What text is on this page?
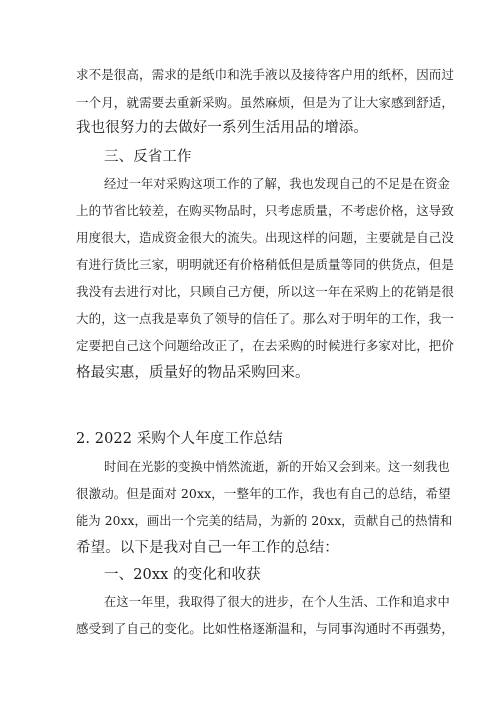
求不是很高，需求的是纸巾和洗手液以及接待客户用的纸杯，因而过
一个月，就需要去重新采购。虽然麻烦，但是为了让大家感到舒适，
我也很努力的去做好一系列生活用品的增添。
三、反省工作
经过一年对采购这项工作的了解，我也发现自己的不足是在资金
上的节省比较差，在购买物品时，只考虑质量，不考虑价格，这导致
用度很大，造成资金很大的流失。出现这样的问题，主要就是自己没
有进行货比三家，明明就还有价格稍低但是质量等同的供货点，但是
我没有去进行对比，只顾自己方便，所以这一年在采购上的花销是很
大的，这一点我是辜负了领导的信任了。那么对于明年的工作，我一
定要把自己这个问题给改正了，在去采购的时候进行多家对比，把价
格最实惠，质量好的物品采购回来。
2. 2022 采购个人年度工作总结
时间在光影的变换中悄然流逝，新的开始又会到来。这一刻我也
很激动。但是面对 20xx，一整年的工作，我也有自己的总结，希望
能为 20xx，画出一个完美的结局，为新的 20xx，贡献自己的热情和
希望。以下是我对自己一年工作的总结：
一、20xx 的变化和收获
在这一年里，我取得了很大的进步，在个人生活、工作和追求中
感受到了自己的变化。比如性格逐渐温和，与同事沟通时不再强势，
